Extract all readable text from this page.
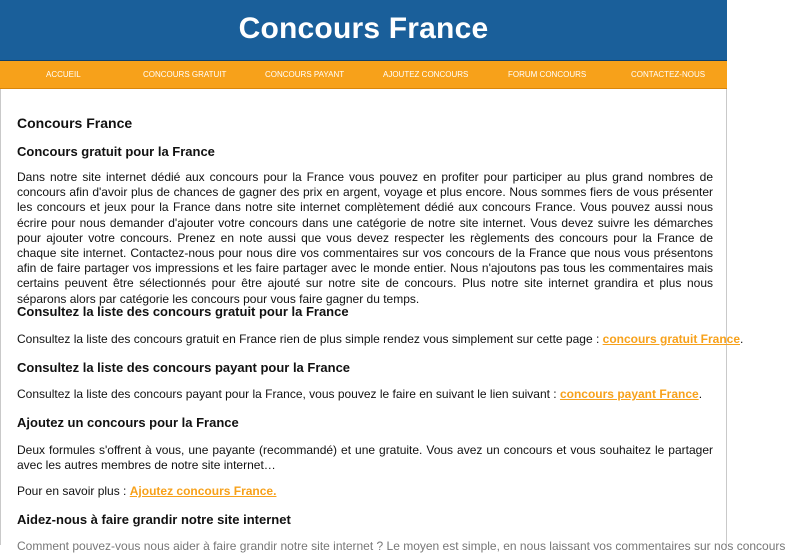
Concours France
ACCUEIL	CONCOURS GRATUIT	CONCOURS PAYANT	AJOUTEZ CONCOURS	FORUM CONCOURS	CONTACTEZ-NOUS
Concours France
Concours gratuit pour la France

Dans notre site internet dédié aux concours pour la France vous pouvez en profiter pour participer au plus grand nombres de concours afin d'avoir plus de chances de gagner des prix en argent, voyage et plus encore. Nous sommes fiers de vous présenter les concours et jeux pour la France dans notre site internet complètement dédié aux concours France. Vous pouvez aussi nous écrire pour nous demander d'ajouter votre concours dans une catégorie de notre site internet. Vous devez suivre les démarches pour ajouter votre concours. Prenez en note aussi que vous devez respecter les règlements des concours pour la France de chaque site internet. Contactez-nous pour nous dire vos commentaires sur vos concours de la France que nous vous présentons afin de faire partager vos impressions et les faire partager avec le monde entier. Nous n'ajoutons pas tous les commentaires mais certains peuvent être sélectionnés pour être ajouté sur notre site de concours. Plus notre site internet grandira et plus nous séparons alors par catégorie les concours pour vous faire gagner du temps.

Consultez la liste des concours gratuit pour la France

Consultez la liste des concours gratuit en France rien de plus simple rendez vous simplement sur cette page : concours gratuit France.

Consultez la liste des concours payant pour la France

Consultez la liste des concours payant pour la France, vous pouvez le faire en suivant le lien suivant : concours payant France.

Ajoutez un concours pour la France

Deux formules s'offrent à vous, une payante (recommandé) et une gratuite. Vous avez un concours et vous souhaitez le partager avec les autres membres de notre site internet…

Pour en savoir plus : Ajoutez concours France.

Aidez-nous à faire grandir notre site internet

Comment pouvez-vous nous aider à faire grandir notre site internet ? Le moyen est simple, en nous laissant vos commentaires sur nos concours
